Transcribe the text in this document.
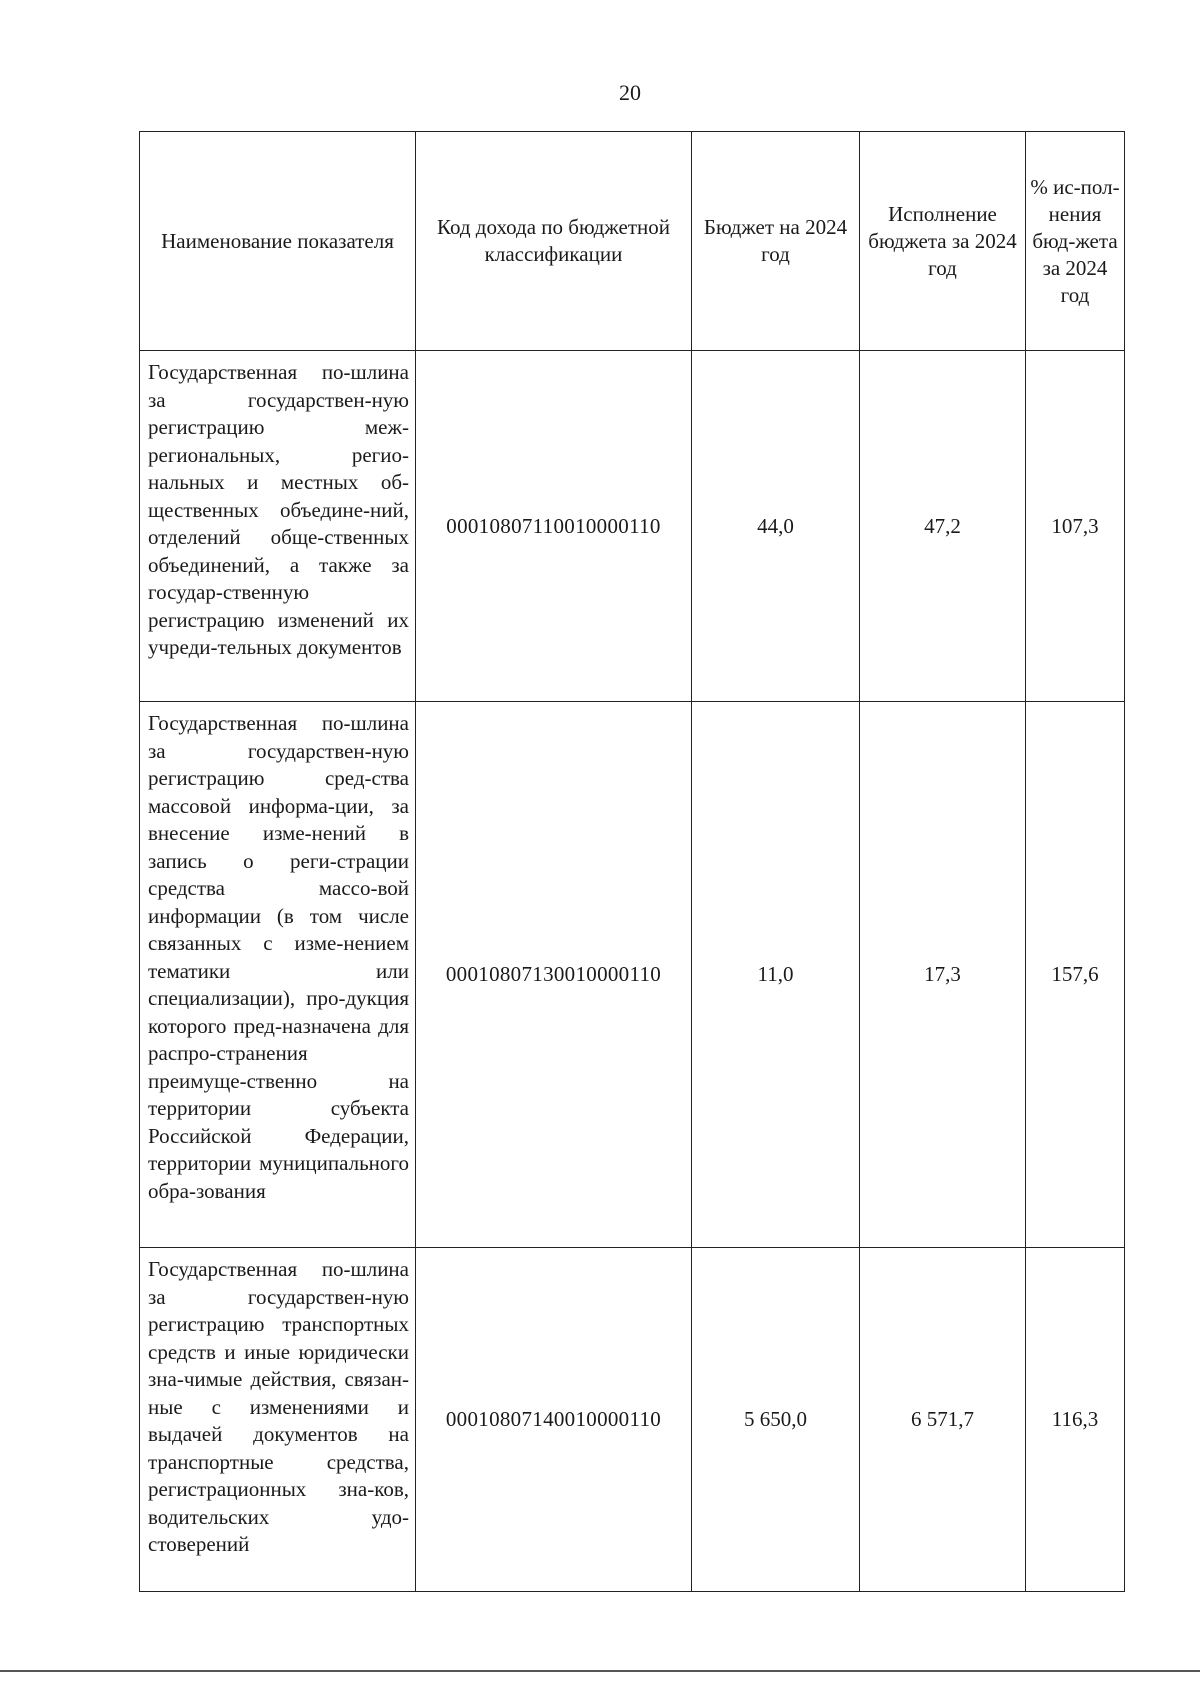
20
Наименование показателя	Код дохода по бюджетной классификации	Бюджет на 2024 год	Исполнение бюджета за 2024 год	% ис-пол-нения бюд-жета за 2024 год
Государственная по-шлина за государствен-ную регистрацию меж-региональных, регио-нальных и местных об-щественных объедине-ний, отделений обще-ственных объединений, а также за государ-ственную регистрацию изменений их учреди-тельных документов	00010807110010000110	44,0	47,2	107,3
Государственная по-шлина за государствен-ную регистрацию сред-ства массовой информа-ции, за внесение изме-нений в запись о реги-страции средства массо-вой информации (в том числе связанных с изме-нением тематики или специализации), про-дукция которого пред-назначена для распро-странения преимуще-ственно на территории субъекта Российской Федерации, территории муниципального обра-зования	00010807130010000110	11,0	17,3	157,6
Государственная по-шлина за государствен-ную регистрацию транспортных средств и иные юридически зна-чимые действия, связан-ные с изменениями и выдачей документов на транспортные средства, регистрационных зна-ков, водительских удо-стоверений	00010807140010000110	5 650,0	6 571,7	116,3
